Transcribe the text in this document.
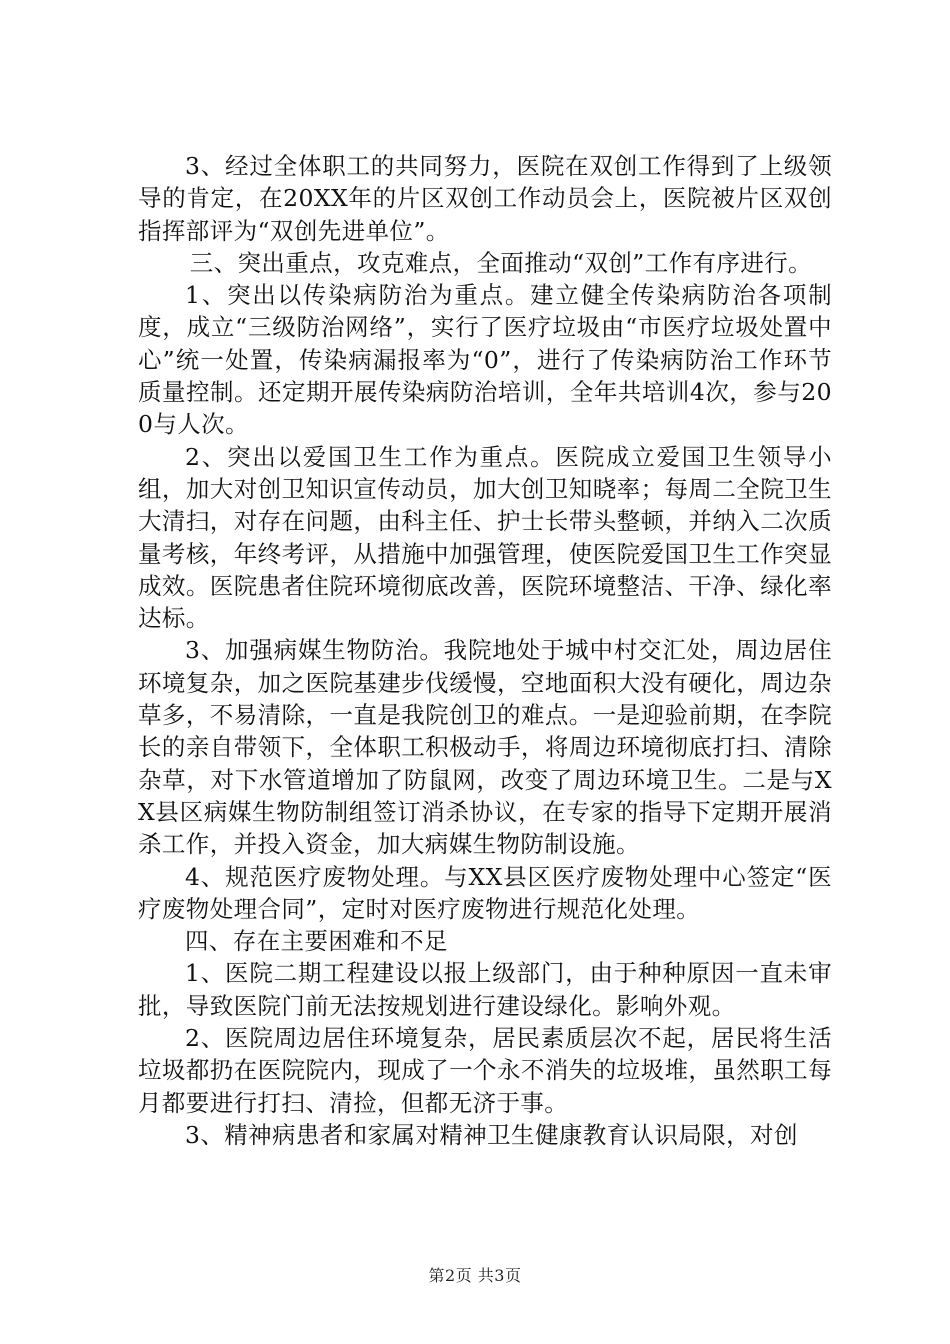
3、经过全体职工的共同努力，医院在双创工作得到了上级领导的肯定，在20XX年的片区双创工作动员会上，医院被片区双创指挥部评为“双创先进单位”。

三、突出重点，攻克难点，全面推动“双创”工作有序进行。

1、突出以传染病防治为重点。建立健全传染病防治各项制度，成立“三级防治网络”，实行了医疗垃圾由“市医疗垃圾处置中心”统一处置，传染病漏报率为“0”，进行了传染病防治工作环节质量控制。还定期开展传染病防治培训，全年共培训4次，参与200与人次。

2、突出以爱国卫生工作为重点。医院成立爱国卫生领导小组，加大对创卫知识宣传动员，加大创卫知晓率；每周二全院卫生大清扫，对存在问题，由科主任、护士长带头整顿，并纳入二次质量考核，年终考评，从措施中加强管理，使医院爱国卫生工作突显成效。医院患者住院环境彻底改善，医院环境整洁、干净、绿化率达标。

3、加强病媒生物防治。我院地处于城中村交汇处，周边居住环境复杂，加之医院基建步伐缓慢，空地面积大没有硬化，周边杂草多，不易清除，一直是我院创卫的难点。一是迎验前期，在李院长的亲自带领下，全体职工积极动手，将周边环境彻底打扫、清除杂草，对下水管道增加了防鼠网，改变了周边环境卫生。二是与XX县区病媒生物防制组签订消杀协议，在专家的指导下定期开展消杀工作，并投入资金，加大病媒生物防制设施。

4、规范医疗废物处理。与XX县区医疗废物处理中心签定“医疗废物处理合同”，定时对医疗废物进行规范化处理。

四、存在主要困难和不足

1、医院二期工程建设以报上级部门，由于种种原因一直未审批，导致医院门前无法按规划进行建设绿化。影响外观。

2、医院周边居住环境复杂，居民素质层次不起，居民将生活垃圾都扔在医院院内，现成了一个永不消失的垃圾堆，虽然职工每月都要进行打扫、清捡，但都无济于事。

3、精神病患者和家属对精神卫生健康教育认识局限，对创

第2页 共3页
